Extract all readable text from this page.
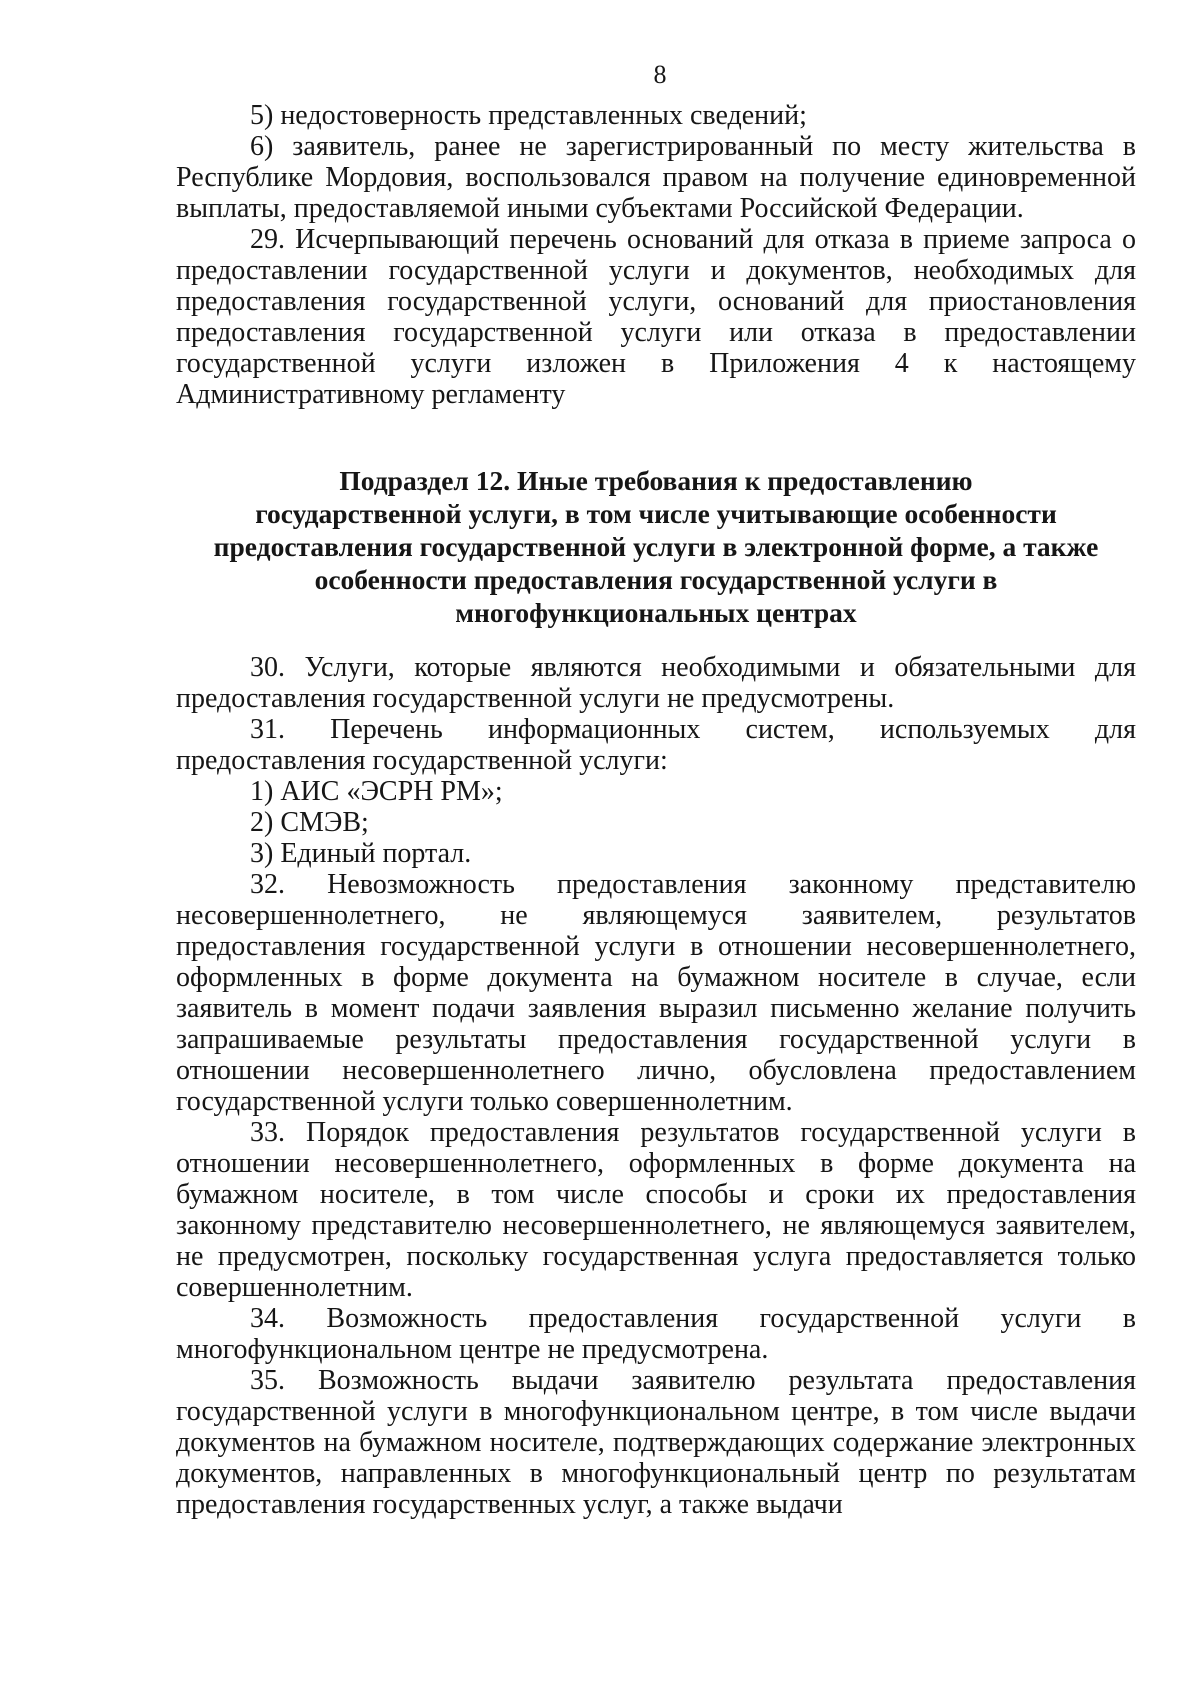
8

5) недостоверность представленных сведений;

6) заявитель, ранее не зарегистрированный по месту жительства в Республике Мордовия, воспользовался правом на получение единовременной выплаты, предоставляемой иными субъектами Российской Федерации.

29. Исчерпывающий перечень оснований для отказа в приеме запроса о предоставлении государственной услуги и документов, необходимых для предоставления государственной услуги, оснований для приостановления предоставления государственной услуги или отказа в предоставлении государственной услуги изложен в Приложения 4 к настоящему Административному регламенту

Подраздел 12. Иные требования к предоставлению
государственной услуги, в том числе учитывающие особенности
предоставления государственной услуги в электронной форме, а также
особенности предоставления государственной услуги в
многофункциональных центрах

30. Услуги, которые являются необходимыми и обязательными для предоставления государственной услуги не предусмотрены.

31. Перечень информационных систем, используемых для предоставления государственной услуги:

1) АИС «ЭСРН РМ»;

2) СМЭВ;

3) Единый портал.

32. Невозможность предоставления законному представителю несовершеннолетнего, не являющемуся заявителем, результатов предоставления государственной услуги в отношении несовершеннолетнего, оформленных в форме документа на бумажном носителе в случае, если заявитель в момент подачи заявления выразил письменно желание получить запрашиваемые результаты предоставления государственной услуги в отношении несовершеннолетнего лично, обусловлена предоставлением государственной услуги только совершеннолетним.

33. Порядок предоставления результатов государственной услуги в отношении несовершеннолетнего, оформленных в форме документа на бумажном носителе, в том числе способы и сроки их предоставления законному представителю несовершеннолетнего, не являющемуся заявителем, не предусмотрен, поскольку государственная услуга предоставляется только совершеннолетним.

34. Возможность предоставления государственной услуги в многофункциональном центре не предусмотрена.

35. Возможность выдачи заявителю результата предоставления государственной услуги в многофункциональном центре, в том числе выдачи документов на бумажном носителе, подтверждающих содержание электронных документов, направленных в многофункциональный центр по результатам предоставления государственных услуг, а также выдачи
